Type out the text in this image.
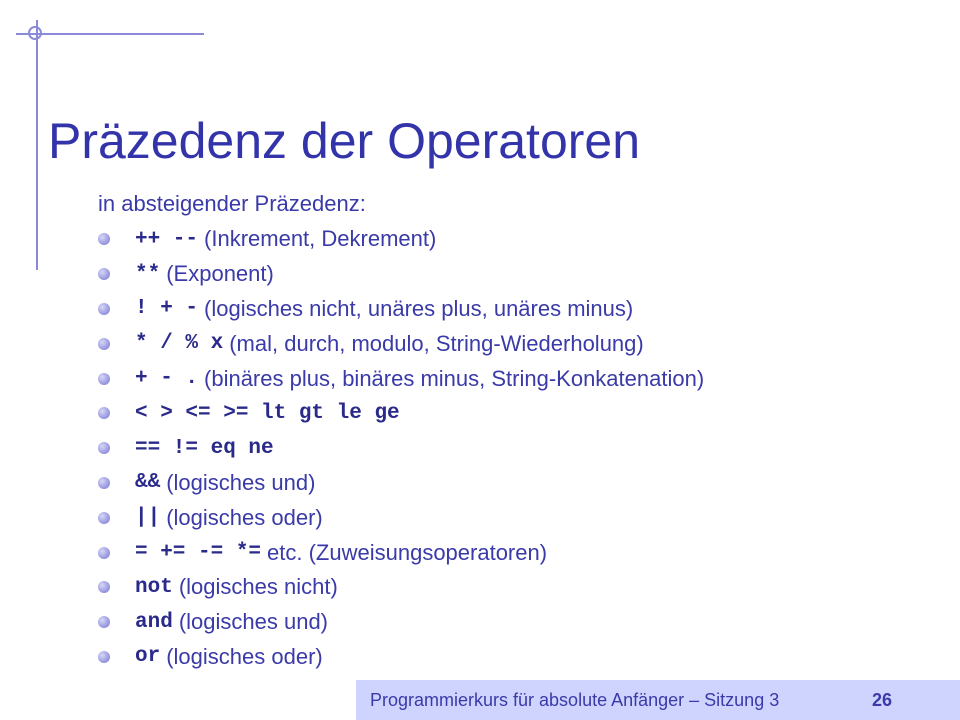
Präzedenz der Operatoren
in absteigender Präzedenz:
++ -- (Inkrement, Dekrement)
** (Exponent)
! + - (logisches nicht, unäres plus, unäres minus)
* / % x (mal, durch, modulo, String-Wiederholung)
+ - . (binäres plus, binäres minus, String-Konkatenation)
< > <= >= lt gt le ge
== != eq ne
&& (logisches und)
|| (logisches oder)
= += -= *= etc. (Zuweisungsoperatoren)
not (logisches nicht)
and (logisches und)
or (logisches oder)
Programmierkurs für absolute Anfänger – Sitzung 3	26
